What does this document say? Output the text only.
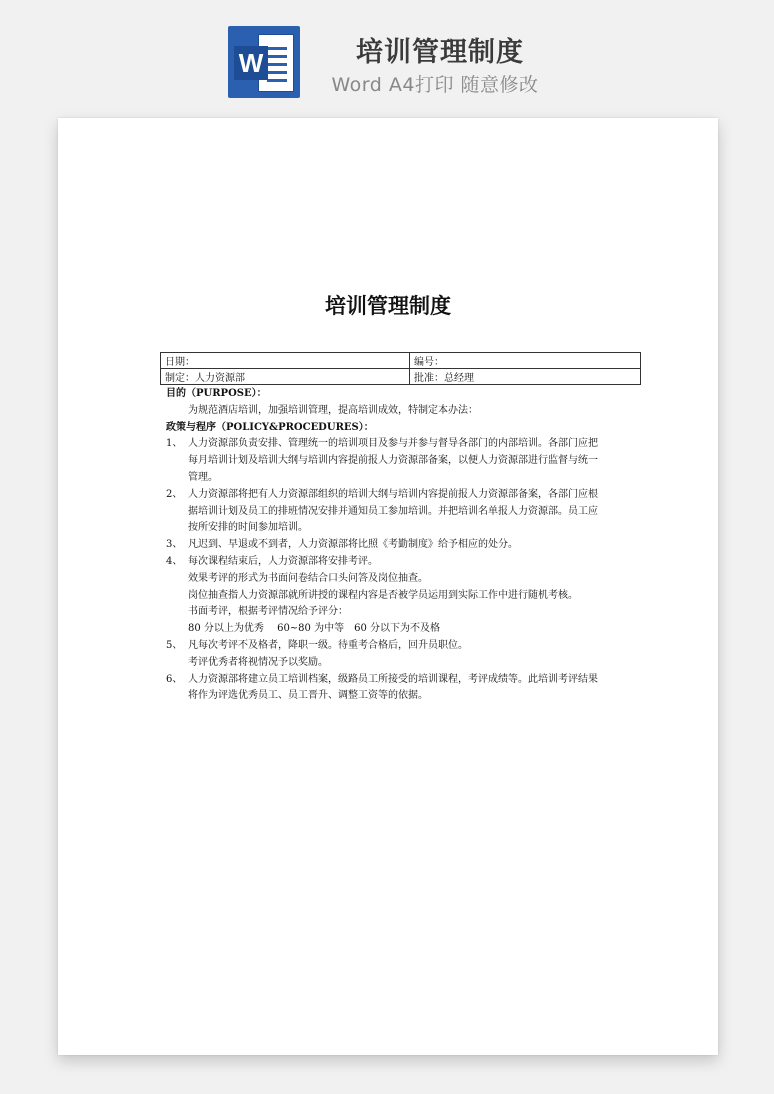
W	培训管理制度
Word A4打印 随意修改
培训管理制度
日期：	编号：
制定：人力资源部	批准：总经理
目的（PURPOSE）：
为规范酒店培训，加强培训管理，提高培训成效，特制定本办法：
政策与程序（POLICY&PROCEDURES）：
1、 人力资源部负责安排、管理统一的培训项目及参与并参与督导各部门的内部培训。各部门应把
每月培训计划及培训大纲与培训内容提前报人力资源部备案，以便人力资源部进行监督与统一
管理。
2、 人力资源部将把有人力资源部组织的培训大纲与培训内容提前报人力资源部备案，各部门应根
据培训计划及员工的排班情况安排并通知员工参加培训。并把培训名单报人力资源部。员工应
按所安排的时间参加培训。
3、 凡迟到、早退或不到者，人力资源部将比照《考勤制度》给予相应的处分。
4、 每次课程结束后，人力资源部将安排考评。
效果考评的形式为书面问卷结合口头问答及岗位抽查。
岗位抽查指人力资源部就所讲授的课程内容是否被学员运用到实际工作中进行随机考核。
书面考评，根据考评情况给予评分：
80 分以上为优秀　 60~80 为中等　60 分以下为不及格
5、 凡每次考评不及格者，降职一级。待重考合格后，回升员职位。
考评优秀者将视情况予以奖励。
6、 人力资源部将建立员工培训档案，级路员工所接受的培训课程，考评成绩等。此培训考评结果
将作为评选优秀员工、员工晋升、调整工资等的依据。
